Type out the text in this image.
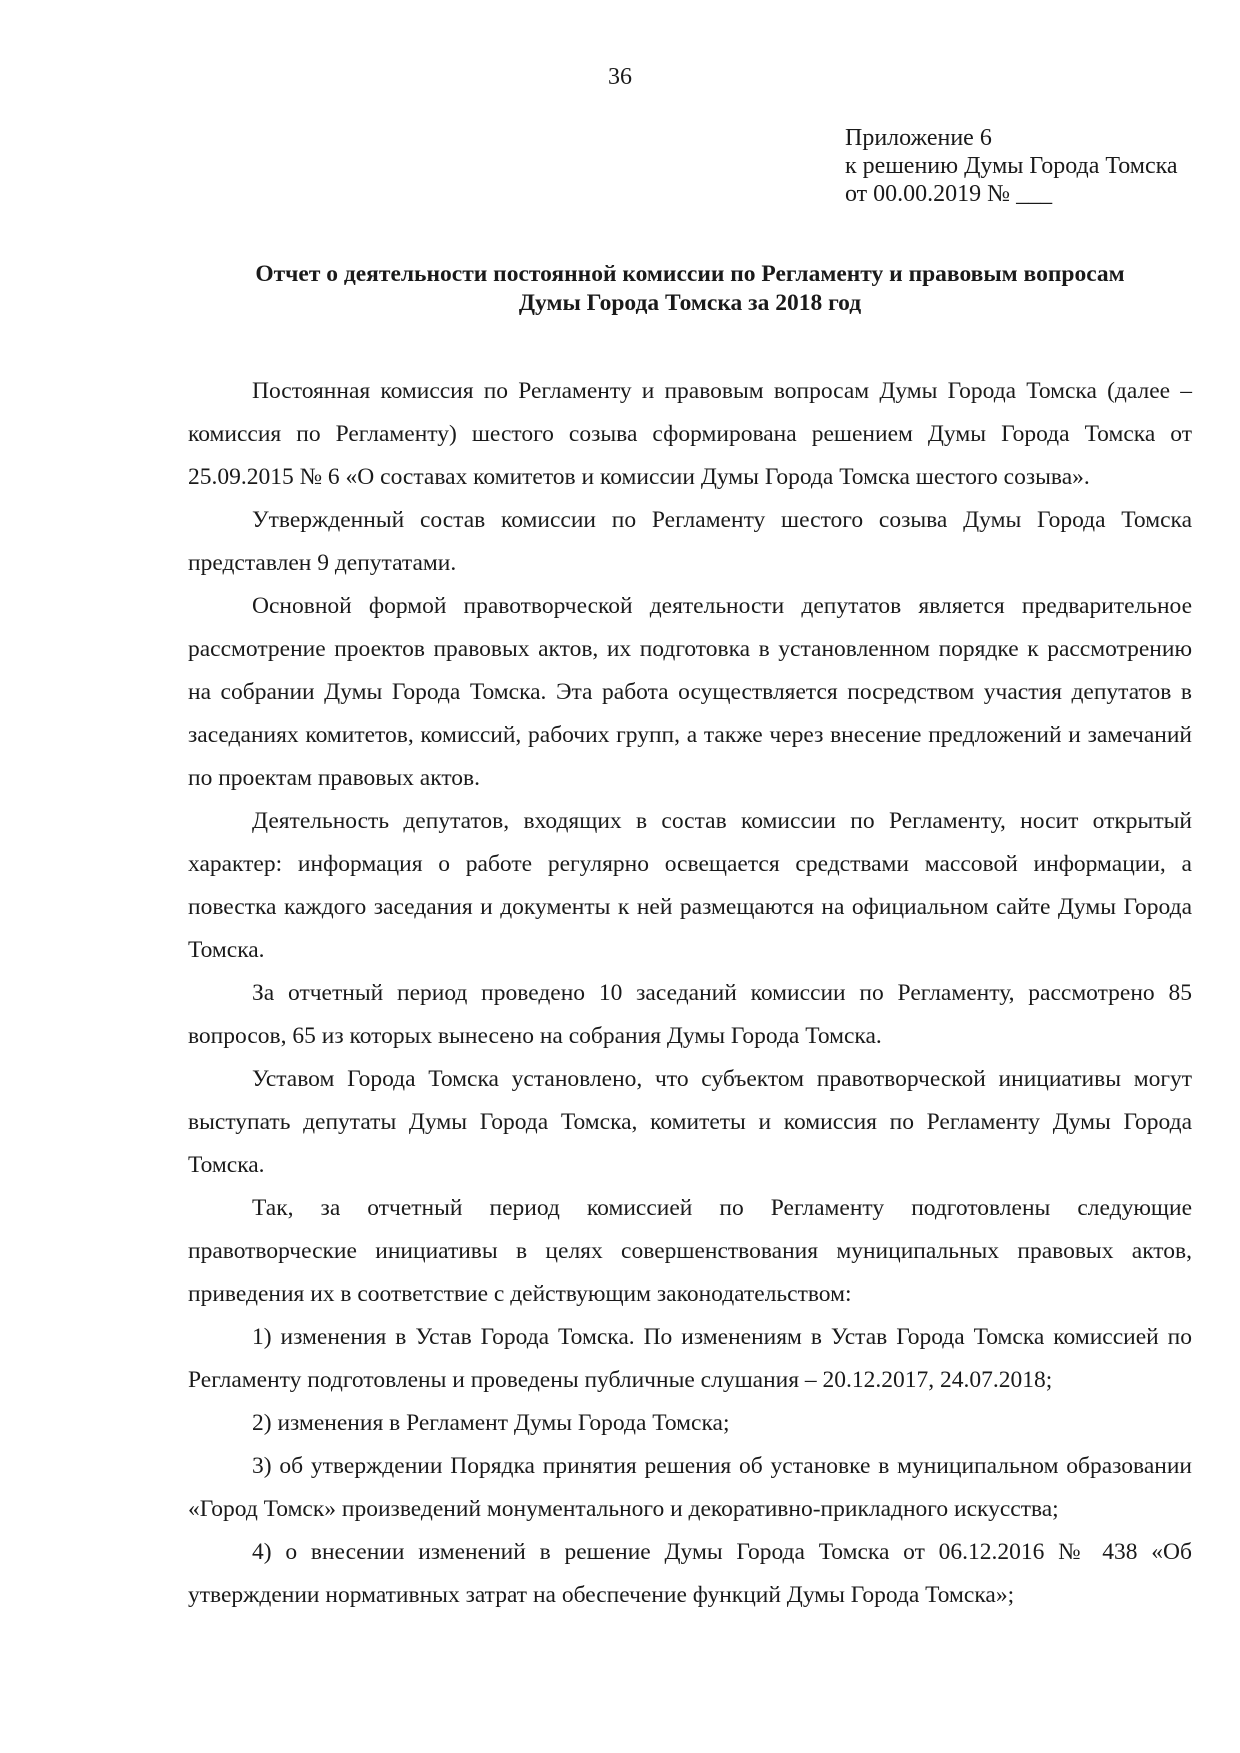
36
Приложение 6
к решению Думы Города Томска
от 00.00.2019 № ___
Отчет о деятельности постоянной комиссии по Регламенту и правовым вопросам
Думы Города Томска за 2018 год

Постоянная комиссия по Регламенту и правовым вопросам Думы Города Томска (далее – комиссия по Регламенту) шестого созыва сформирована решением Думы Города Томска от 25.09.2015 № 6 «О составах комитетов и комиссии Думы Города Томска шестого созыва».

Утвержденный состав комиссии по Регламенту шестого созыва Думы Города Томска представлен 9 депутатами.

Основной формой правотворческой деятельности депутатов является предварительное рассмотрение проектов правовых актов, их подготовка в установленном порядке к рассмотрению на собрании Думы Города Томска. Эта работа осуществляется посредством участия депутатов в заседаниях комитетов, комиссий, рабочих групп, а также через внесение предложений и замечаний по проектам правовых актов.

Деятельность депутатов, входящих в состав комиссии по Регламенту, носит открытый характер: информация о работе регулярно освещается средствами массовой информации, а повестка каждого заседания и документы к ней размещаются на официальном сайте Думы Города Томска.

За отчетный период проведено 10 заседаний комиссии по Регламенту, рассмотрено 85 вопросов, 65 из которых вынесено на собрания Думы Города Томска.

Уставом Города Томска установлено, что субъектом правотворческой инициативы могут выступать депутаты Думы Города Томска, комитеты и комиссия по Регламенту Думы Города Томска.

Так, за отчетный период комиссией по Регламенту подготовлены следующие правотворческие инициативы в целях совершенствования муниципальных правовых актов, приведения их в соответствие с действующим законодательством:

1) изменения в Устав Города Томска. По изменениям в Устав Города Томска комиссией по Регламенту подготовлены и проведены публичные слушания – 20.12.2017, 24.07.2018;

2) изменения в Регламент Думы Города Томска;

3) об утверждении Порядка принятия решения об установке в муниципальном образовании «Город Томск» произведений монументального и декоративно-прикладного искусства;

4) о внесении изменений в решение Думы Города Томска от 06.12.2016 № 438 «Об утверждении нормативных затрат на обеспечение функций Думы Города Томска»;
